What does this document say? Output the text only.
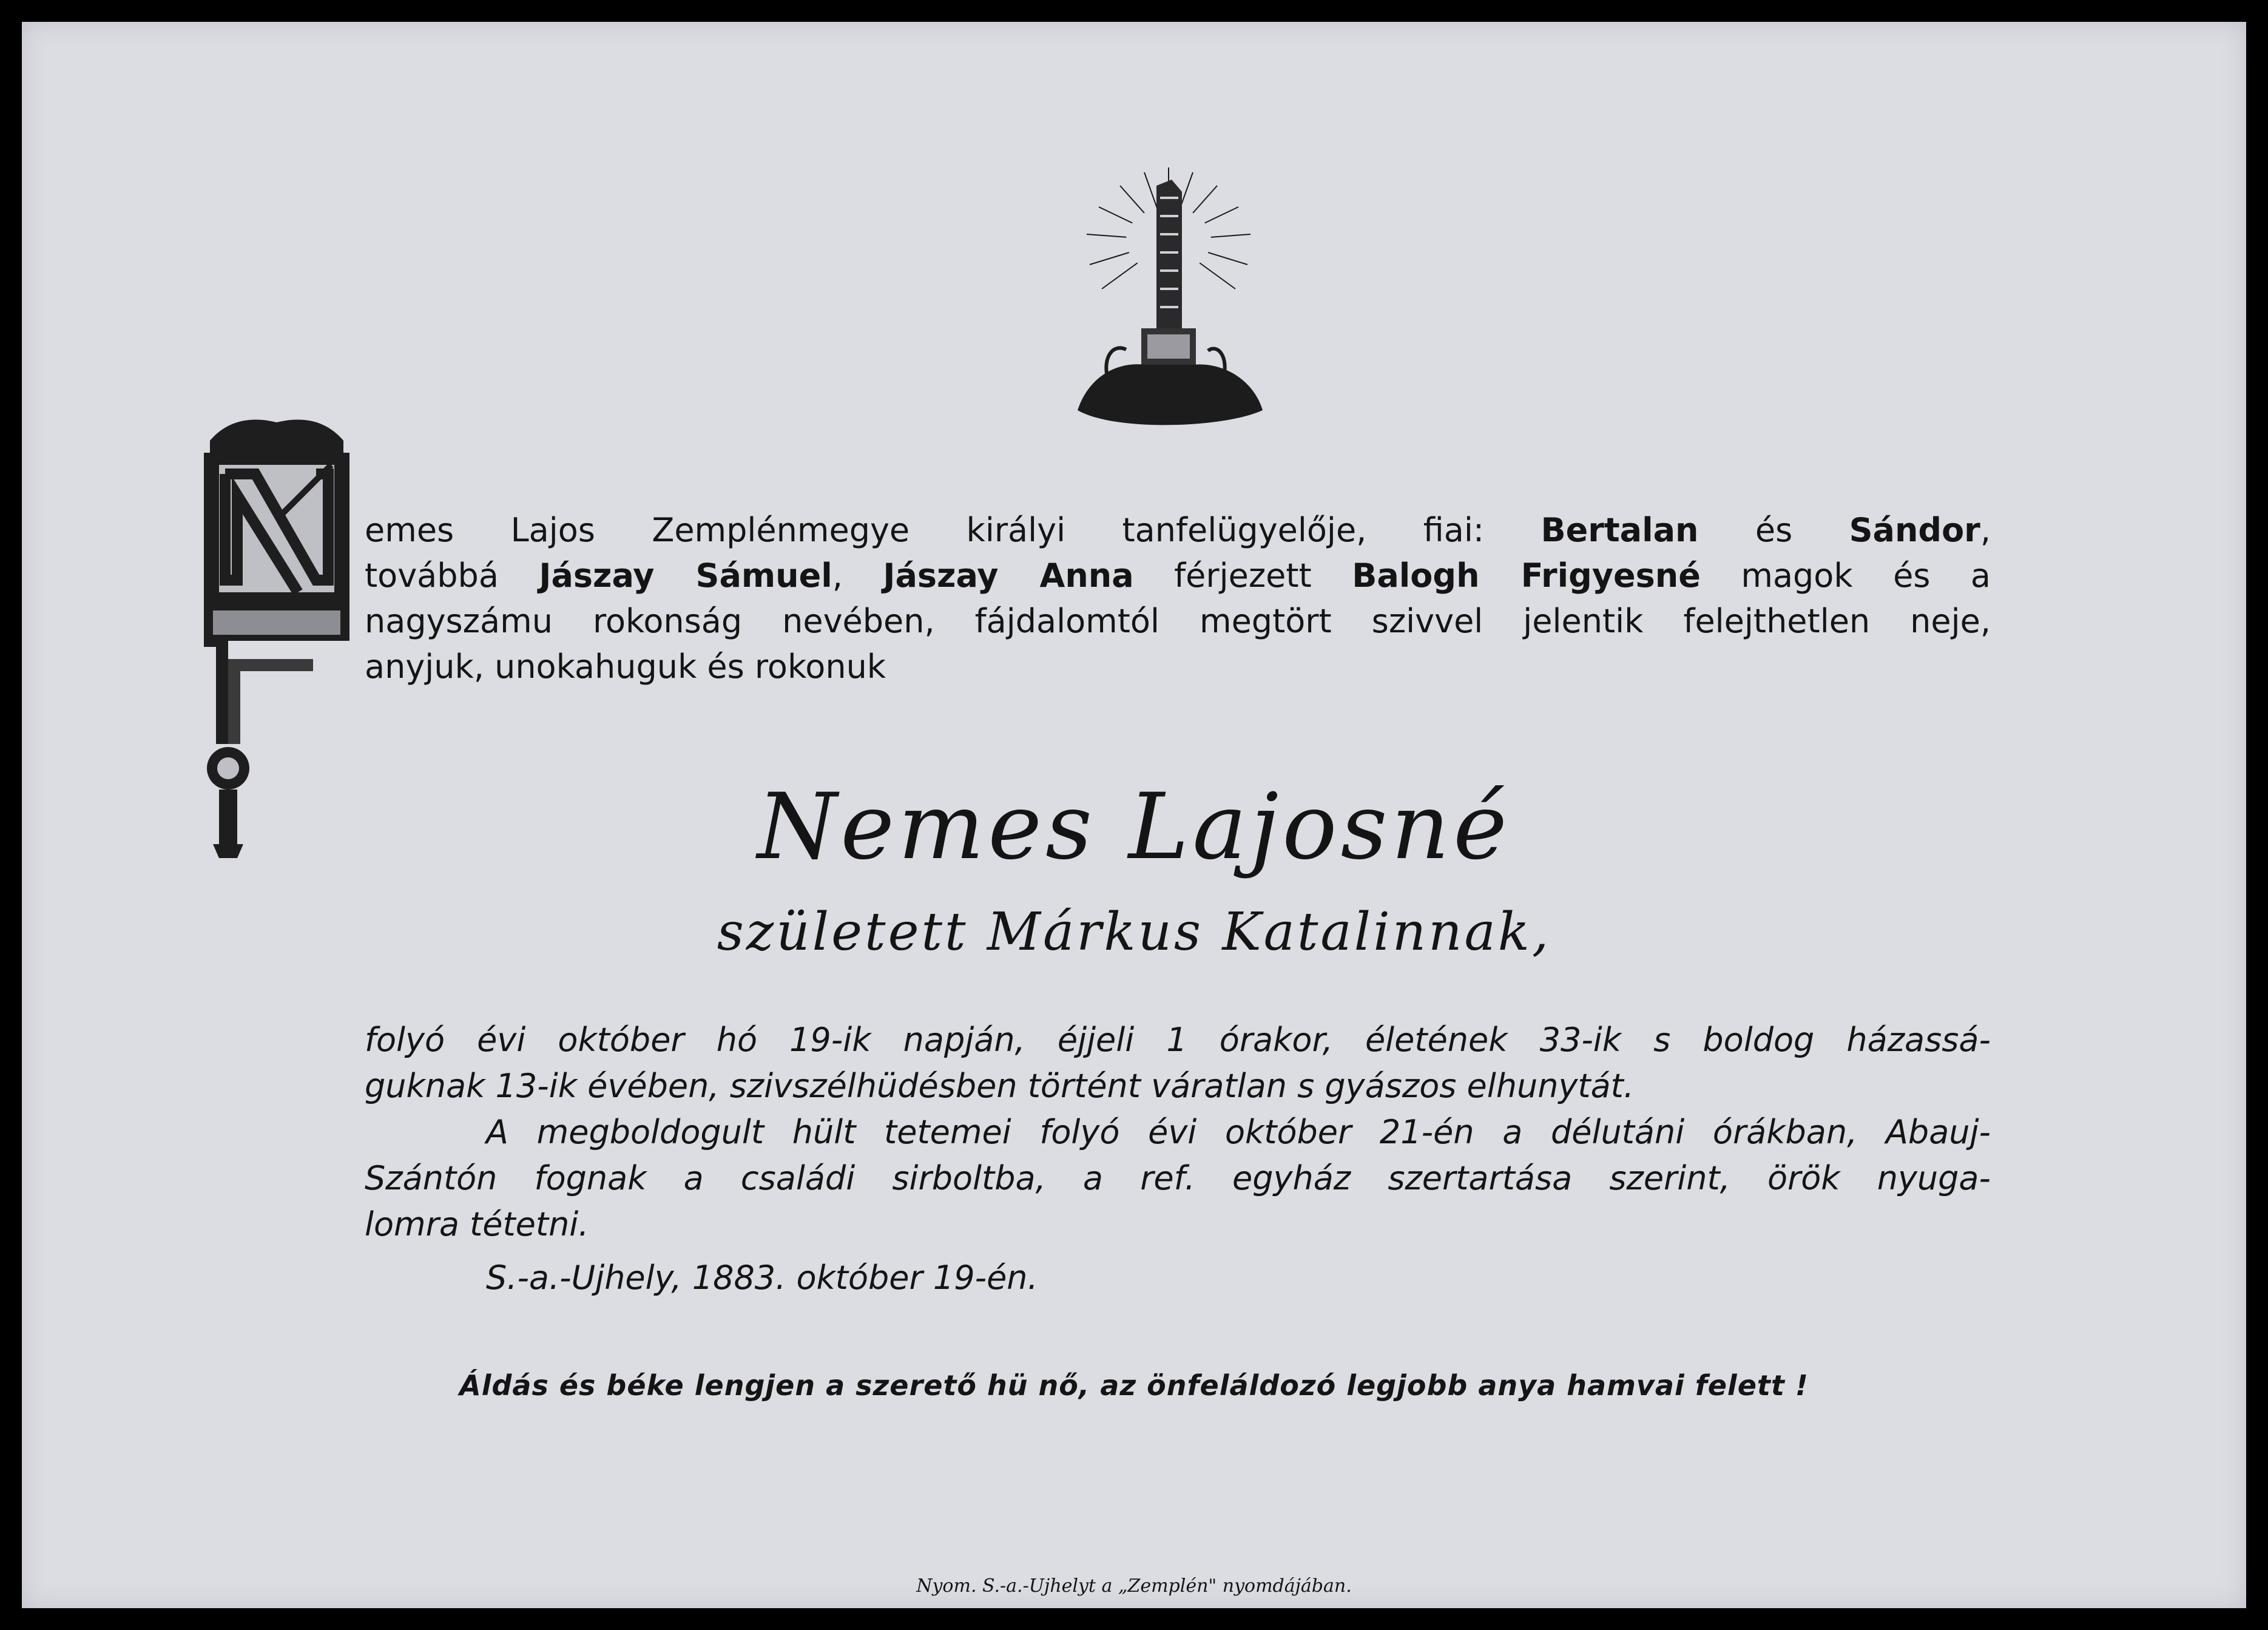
emes Lajos Zemplénmegye királyi tanfelügyelője, fiai: Bertalan és Sándor,
továbbá Jászay Sámuel, Jászay Anna férjezett Balogh Frigyesné magok és a
nagyszámu rokonság nevében, fájdalomtól megtört szivvel jelentik felejthetlen neje,
anyjuk, unokahuguk és rokonuk
Nemes Lajosné
született Márkus Katalinnak,
folyó évi október hó 19-ik napján, éjjeli 1 órakor, életének 33-ik s boldog házassá-
guknak 13-ik évében, szivszélhüdésben történt váratlan s gyászos elhunytát.
A megboldogult hült tetemei folyó évi október 21-én a délutáni órákban, Abauj-
Szántón fognak a családi sirboltba, a ref. egyház szertartása szerint, örök nyuga-
lomra tétetni.
S.-a.-Ujhely, 1883. október 19-én.
Áldás és béke lengjen a szerető hü nő, az önfeláldozó legjobb anya hamvai felett !
Nyom. S.-a.-Ujhelyt a „Zemplén" nyomdájában.
